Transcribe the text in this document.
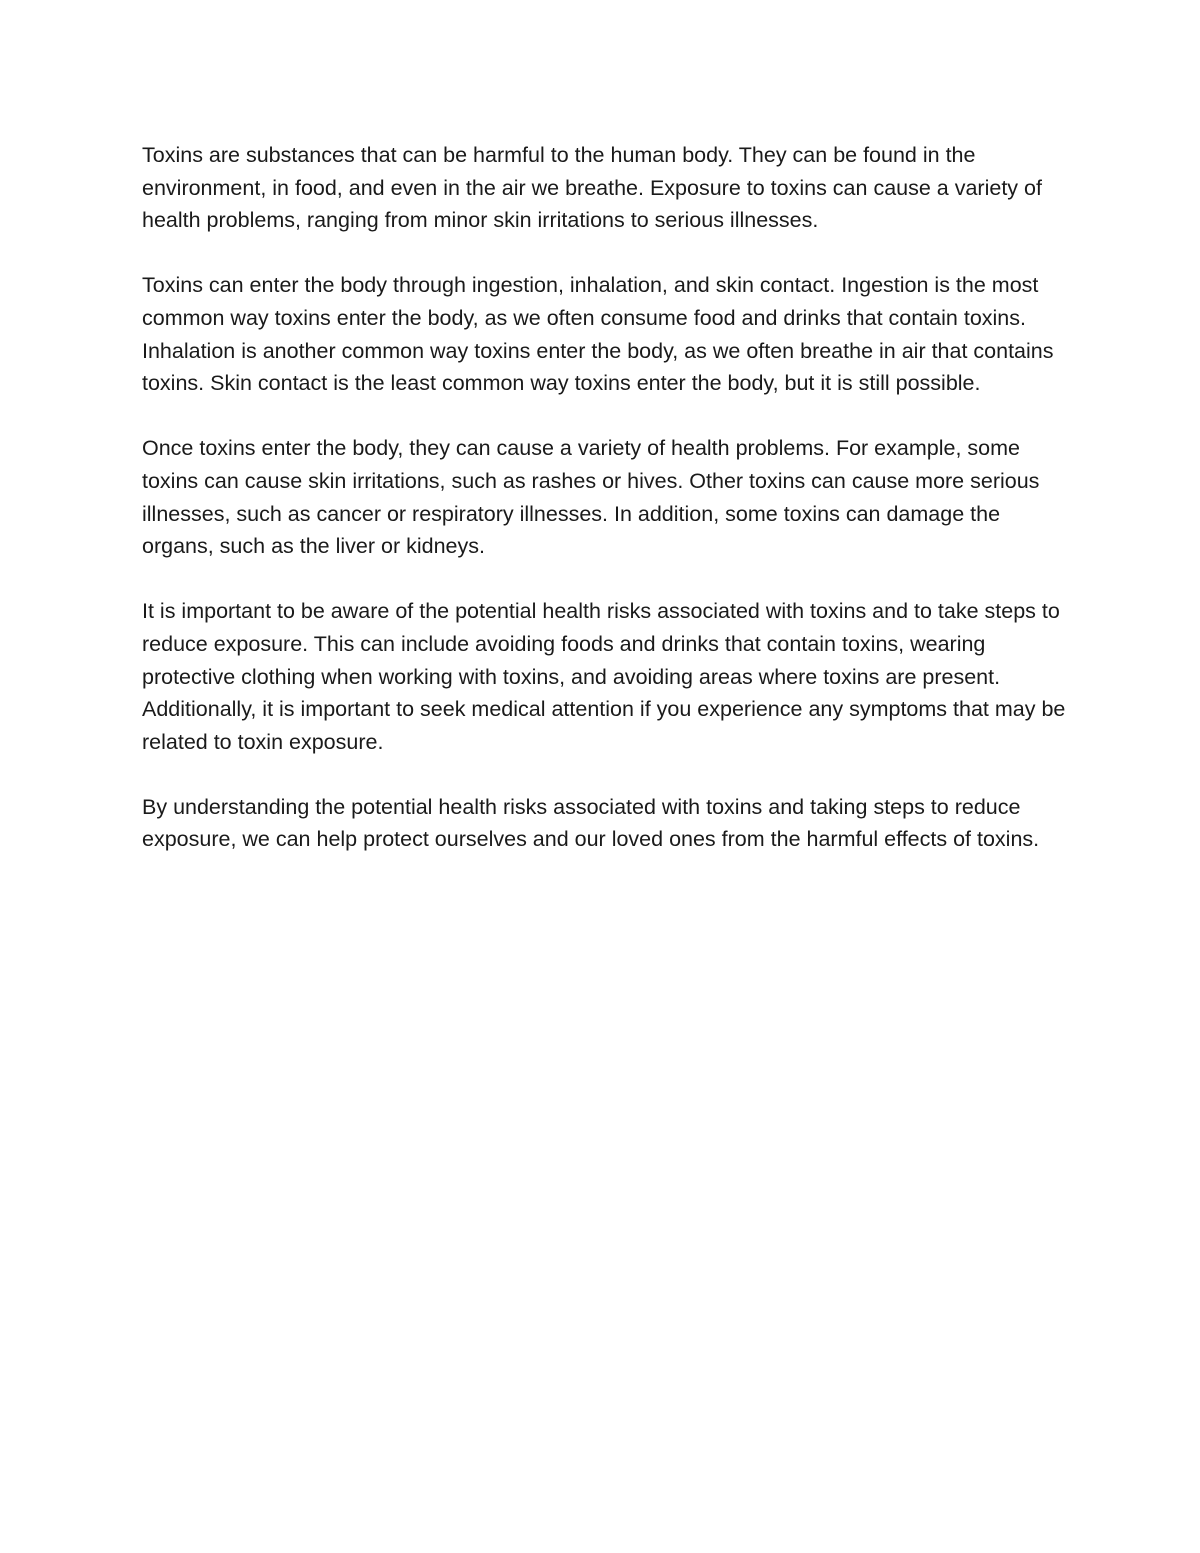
Toxins are substances that can be harmful to the human body. They can be found in the environment, in food, and even in the air we breathe. Exposure to toxins can cause a variety of health problems, ranging from minor skin irritations to serious illnesses.

Toxins can enter the body through ingestion, inhalation, and skin contact. Ingestion is the most common way toxins enter the body, as we often consume food and drinks that contain toxins. Inhalation is another common way toxins enter the body, as we often breathe in air that contains toxins. Skin contact is the least common way toxins enter the body, but it is still possible.

Once toxins enter the body, they can cause a variety of health problems. For example, some toxins can cause skin irritations, such as rashes or hives. Other toxins can cause more serious illnesses, such as cancer or respiratory illnesses. In addition, some toxins can damage the organs, such as the liver or kidneys.

It is important to be aware of the potential health risks associated with toxins and to take steps to reduce exposure. This can include avoiding foods and drinks that contain toxins, wearing protective clothing when working with toxins, and avoiding areas where toxins are present. Additionally, it is important to seek medical attention if you experience any symptoms that may be related to toxin exposure.

By understanding the potential health risks associated with toxins and taking steps to reduce exposure, we can help protect ourselves and our loved ones from the harmful effects of toxins.
